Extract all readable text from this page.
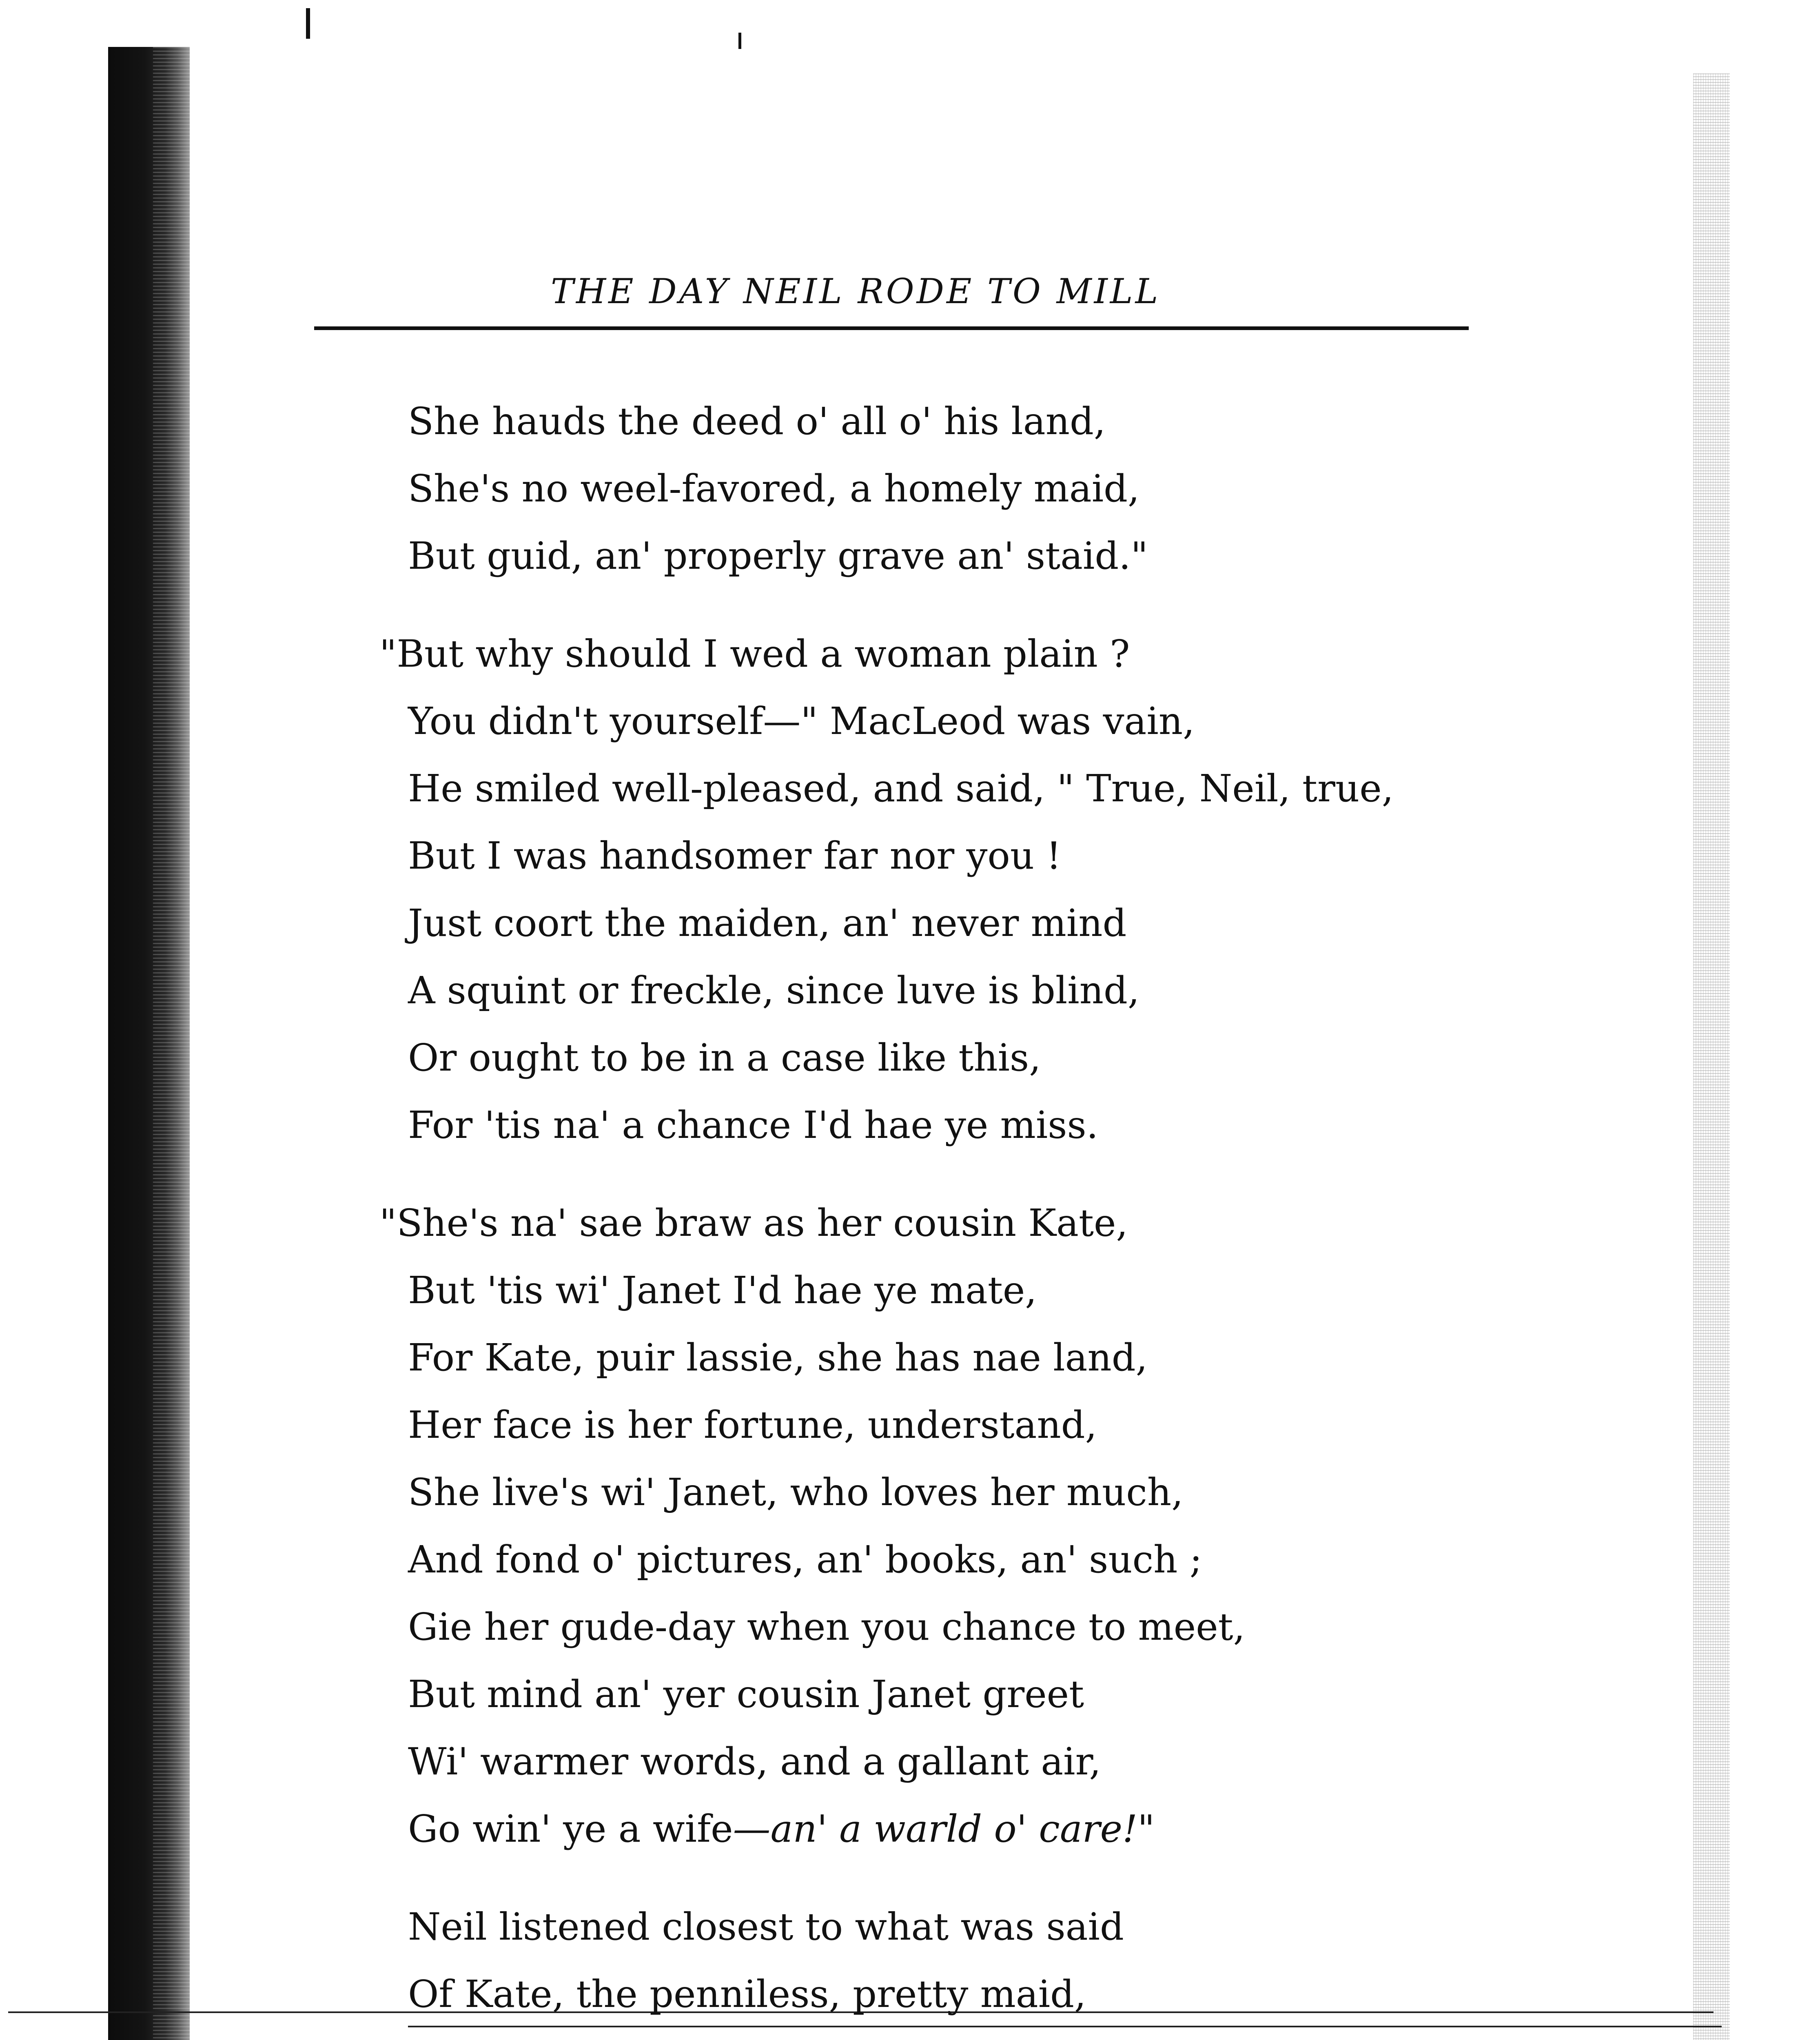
THE DAY NEIL RODE TO MILL
She hauds the deed o' all o' his land,
She's no weel-favored, a homely maid,
But guid, an' properly grave an' staid."
"But why should I wed a woman plain ?
You didn't yourself—" MacLeod was vain,
He smiled well-pleased, and said, " True, Neil, true,
But I was handsomer far nor you !
Just coort the maiden, an' never mind
A squint or freckle, since luve is blind,
Or ought to be in a case like this,
For 'tis na' a chance I'd hae ye miss.
"She's na' sae braw as her cousin Kate,
But 'tis wi' Janet I'd hae ye mate,
For Kate, puir lassie, she has nae land,
Her face is her fortune, understand,
She live's wi' Janet, who loves her much,
And fond o' pictures, an' books, an' such ;
Gie her gude-day when you chance to meet,
But mind an' yer cousin Janet greet
Wi' warmer words, and a gallant air,
Go win' ye a wife—an' a warld o' care!"
Neil listened closest to what was said
Of Kate, the penniless, pretty maid,
